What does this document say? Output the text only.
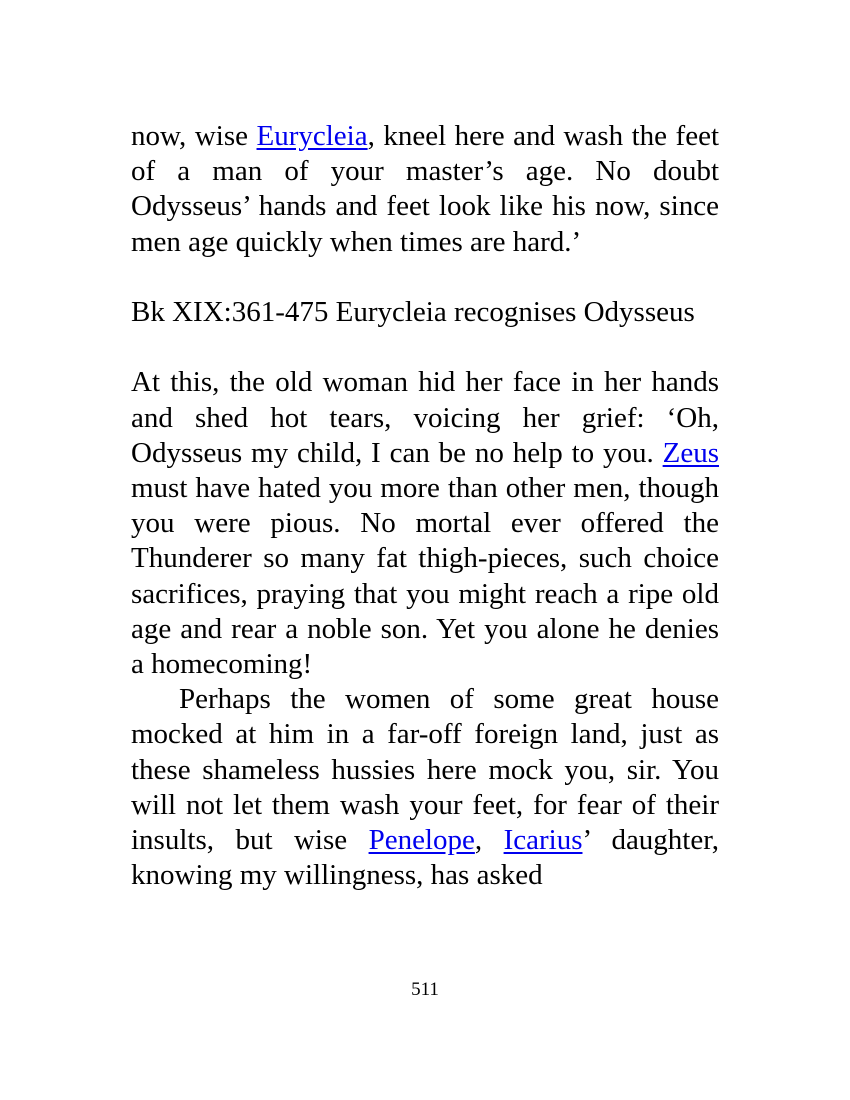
now, wise Eurycleia, kneel here and wash the feet of a man of your master’s age. No doubt Odysseus’ hands and feet look like his now, since men age quickly when times are hard.’

Bk XIX:361-475 Eurycleia recognises Odysseus

At this, the old woman hid her face in her hands and shed hot tears, voicing her grief: ‘Oh, Odysseus my child, I can be no help to you. Zeus must have hated you more than other men, though you were pious. No mortal ever offered the Thunderer so many fat thigh-pieces, such choice sacrifices, praying that you might reach a ripe old age and rear a noble son. Yet you alone he denies a homecoming!

Perhaps the women of some great house mocked at him in a far-off foreign land, just as these shameless hussies here mock you, sir. You will not let them wash your feet, for fear of their insults, but wise Penelope, Icarius’ daughter, knowing my willingness, has asked

511
